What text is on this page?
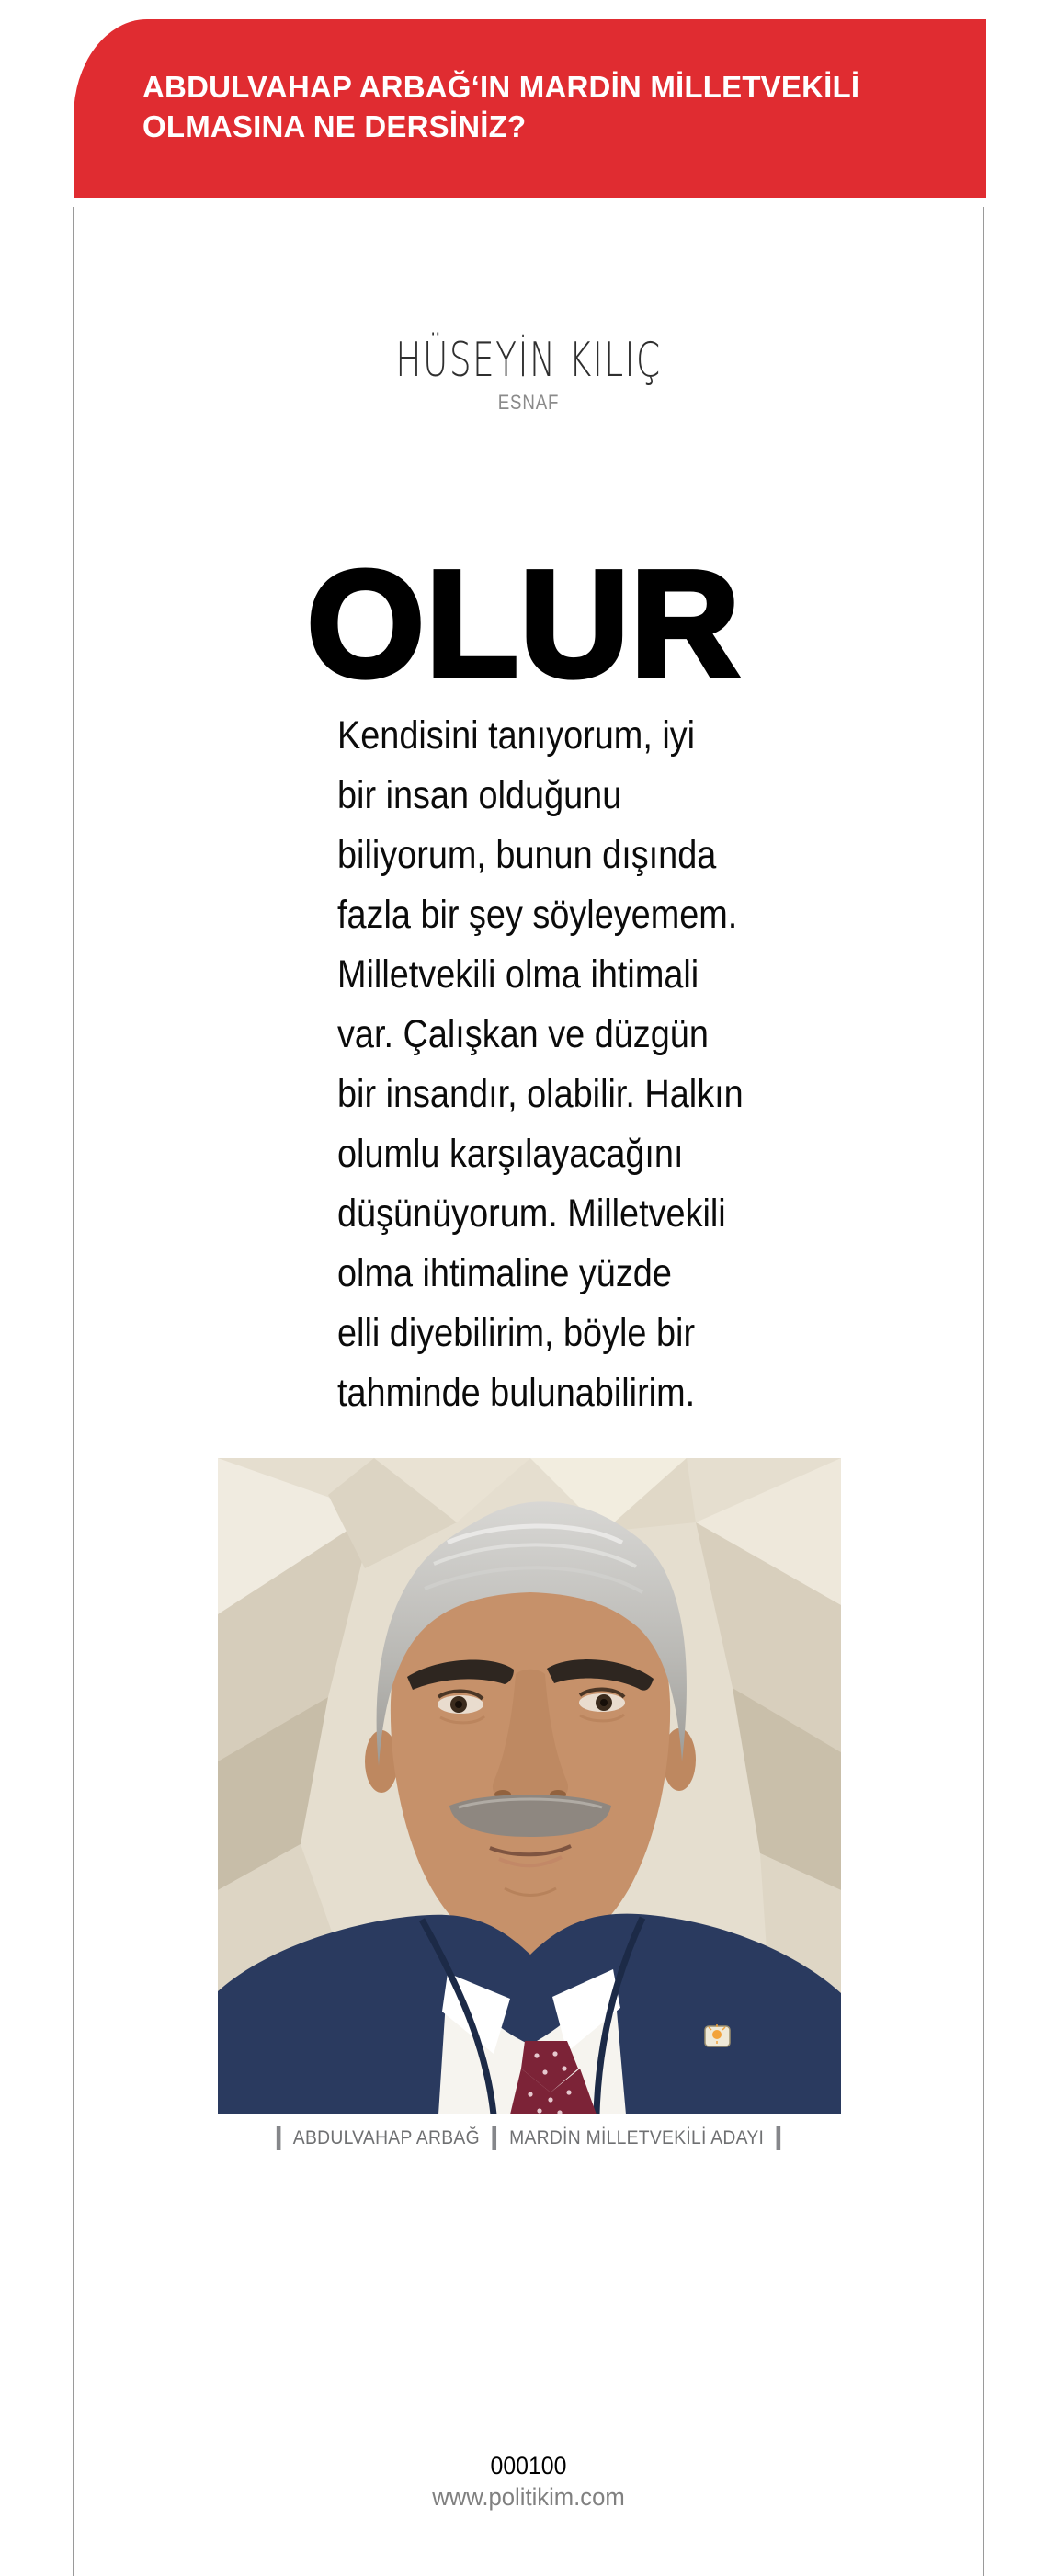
ABDULVAHAP ARBAĞ‘IN MARDİN MİLLETVEKİLİ
OLMASINA NE DERSİNİZ?
HÜSEYİN KILIÇ
ESNAF
OLUR
Kendisini tanıyorum, iyi
bir insan olduğunu
biliyorum, bunun dışında
fazla bir şey söyleyemem.
Milletvekili olma ihtimali
var. Çalışkan ve düzgün
bir insandır, olabilir. Halkın
olumlu karşılayacağını
düşünüyorum. Milletvekili
olma ihtimaline yüzde
elli diyebilirim, böyle bir
tahminde bulunabilirim.
ABDULVAHAP ARBAĞ MARDİN MİLLETVEKİLİ ADAYI
000100
www.politikim.com
